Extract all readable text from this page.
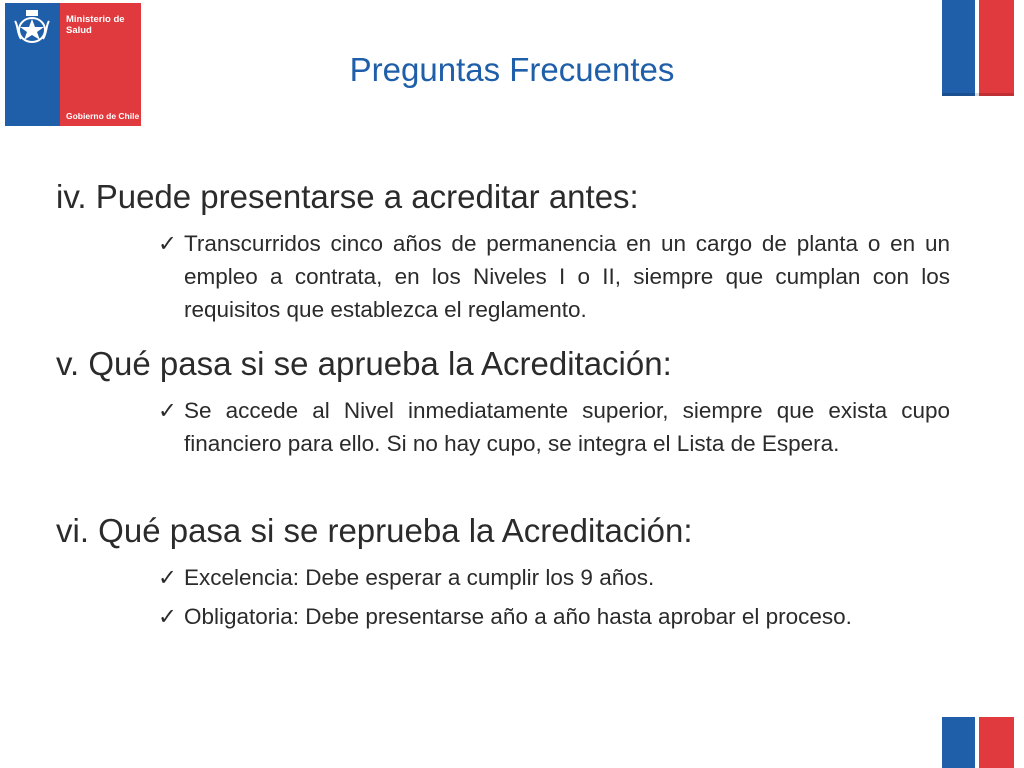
Ministerio de Salud
Gobierno de Chile
Preguntas Frecuentes
iv. Puede presentarse a acreditar antes:
✓ Transcurridos cinco años de permanencia en un cargo de planta o en un empleo a contrata, en los Niveles I o II, siempre que cumplan con los requisitos que establezca el reglamento.
v. Qué pasa si se aprueba la Acreditación:
✓ Se accede al Nivel inmediatamente superior, siempre que exista cupo financiero para ello. Si no hay cupo, se integra el Lista de Espera.
vi. Qué pasa si se reprueba la Acreditación:
✓ Excelencia: Debe esperar a cumplir los 9 años.
✓ Obligatoria: Debe presentarse año a año hasta aprobar el proceso.
